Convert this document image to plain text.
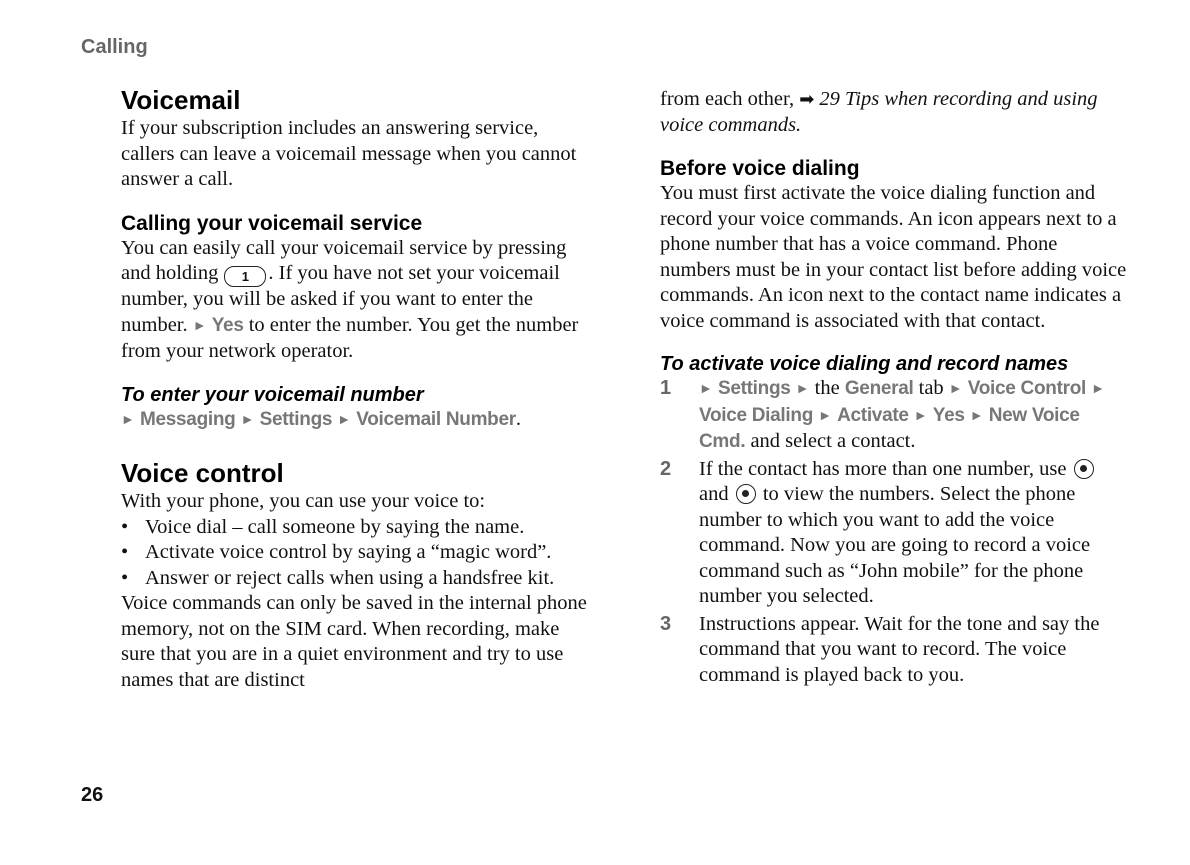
Calling
Voicemail

If your subscription includes an answering service, callers can leave a voicemail message when you cannot answer a call.

Calling your voicemail service

You can easily call your voicemail service by pressing and holding 1 . If you have not set your voicemail number, you will be asked if you want to enter the number. ► Yes to enter the number. You get the number from your network operator.

To enter your voicemail number

► Messaging ► Settings ► Voicemail Number.

Voice control

With your phone, you can use your voice to:

• Voice dial – call someone by saying the name.
• Activate voice control by saying a “magic word”.
• Answer or reject calls when using a handsfree kit.

Voice commands can only be saved in the internal phone memory, not on the SIM card. When recording, make sure that you are in a quiet environment and try to use names that are distinct

from each other, ➡ 29 Tips when recording and using voice commands.

Before voice dialing

You must first activate the voice dialing function and record your voice commands. An icon appears next to a phone number that has a voice command. Phone numbers must be in your contact list before adding voice commands. An icon next to the contact name indicates a voice command is associated with that contact.

To activate voice dialing and record names
1 ► Settings ► the General tab ► Voice Control ► Voice Dialing ► Activate ► Yes ► New Voice Cmd. and select a contact.
2 If the contact has more than one number, use  and  to view the numbers. Select the phone number to which you want to add the voice command. Now you are going to record a voice command such as “John mobile” for the phone number you selected.
3 Instructions appear. Wait for the tone and say the command that you want to record. The voice command is played back to you.
26
